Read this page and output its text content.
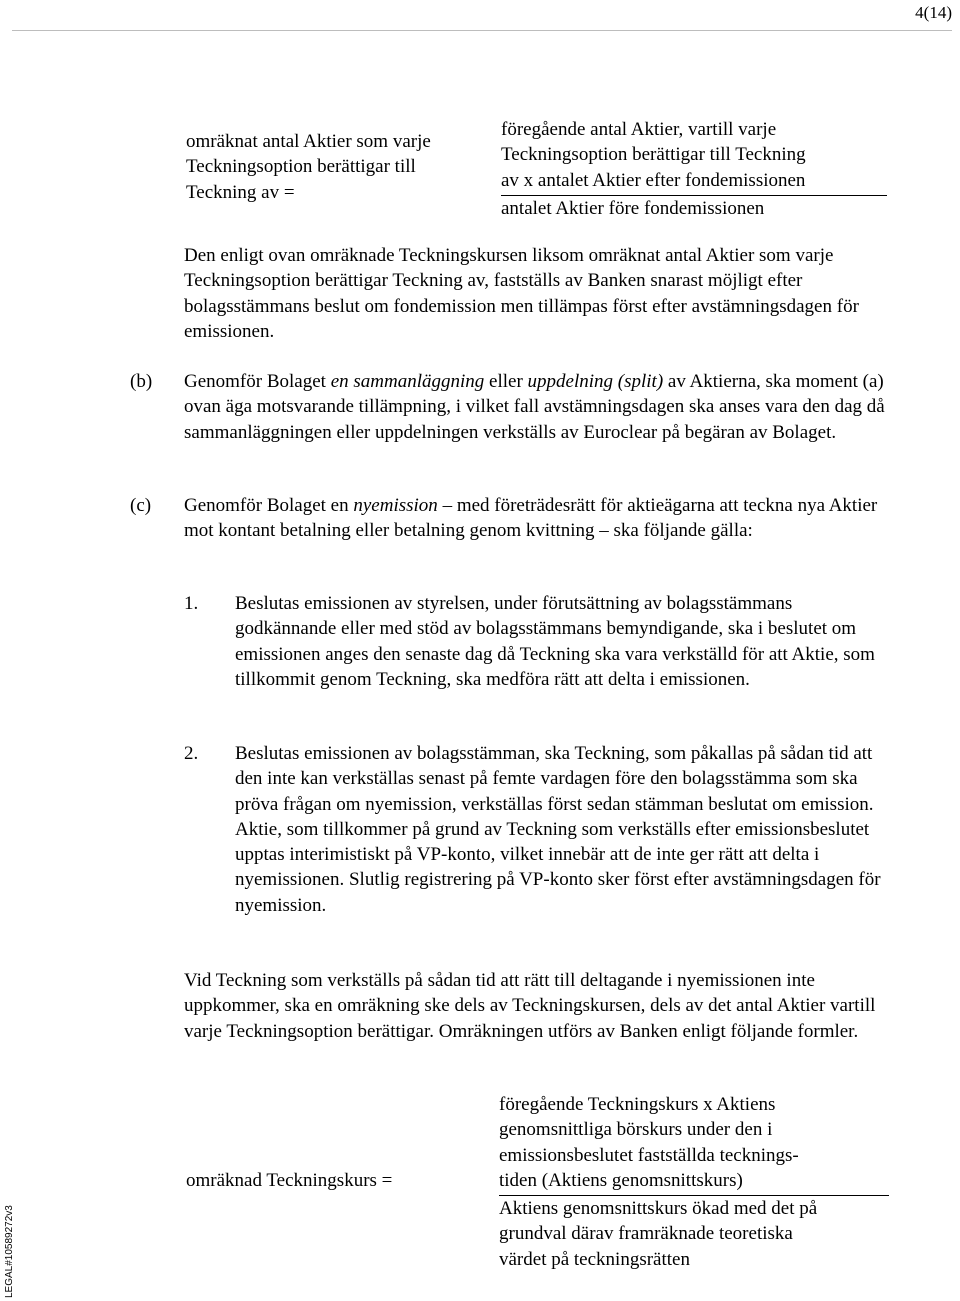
4(14)
omräknat antal Aktier som varje
Teckningsoption berättigar till
Teckning av =
föregående antal Aktier, vartill varje
Teckningsoption berättigar till Teckning
av x antalet Aktier efter fondemissionen
antalet Aktier före fondemissionen

Den enligt ovan omräknade Teckningskursen liksom omräknat antal Aktier som varje Teckningsoption berättigar Teckning av, fastställs av Banken snarast möjligt efter bolagsstämmans beslut om fondemission men tillämpas först efter avstämningsdagen för emissionen.

(b) Genomför Bolaget en sammanläggning eller uppdelning (split) av Aktierna, ska moment (a) ovan äga motsvarande tillämpning, i vilket fall avstämningsdagen ska anses vara den dag då sammanläggningen eller uppdelningen verkställs av Euroclear på begäran av Bolaget.

(c) Genomför Bolaget en nyemission – med företrädesrätt för aktieägarna att teckna nya Aktier mot kontant betalning eller betalning genom kvittning – ska följande gälla:

1. Beslutas emissionen av styrelsen, under förutsättning av bolagsstämmans godkännande eller med stöd av bolagsstämmans bemyndigande, ska i beslutet om emissionen anges den senaste dag då Teckning ska vara verkställd för att Aktie, som tillkommit genom Teckning, ska medföra rätt att delta i emissionen.

2. Beslutas emissionen av bolagsstämman, ska Teckning, som påkallas på sådan tid att den inte kan verkställas senast på femte vardagen före den bolagsstämma som ska pröva frågan om nyemission, verkställas först sedan stämman beslutat om emission. Aktie, som tillkommer på grund av Teckning som verkställs efter emissionsbeslutet upptas interimistiskt på VP-konto, vilket innebär att de inte ger rätt att delta i nyemissionen. Slutlig registrering på VP-konto sker först efter avstämningsdagen för nyemission.

Vid Teckning som verkställs på sådan tid att rätt till deltagande i nyemissionen inte uppkommer, ska en omräkning ske dels av Teckningskursen, dels av det antal Aktier vartill varje Teckningsoption berättigar. Omräkningen utförs av Banken enligt följande formler.

omräknad Teckningskurs =
föregående Teckningskurs x Aktiens
genomsnittliga börskurs under den i
emissionsbeslutet fastställda tecknings-
tiden (Aktiens genomsnittskurs)
Aktiens genomsnittskurs ökad med det på
grundval därav framräknade teoretiska
värdet på teckningsrätten
LEGAL#10589272v3
